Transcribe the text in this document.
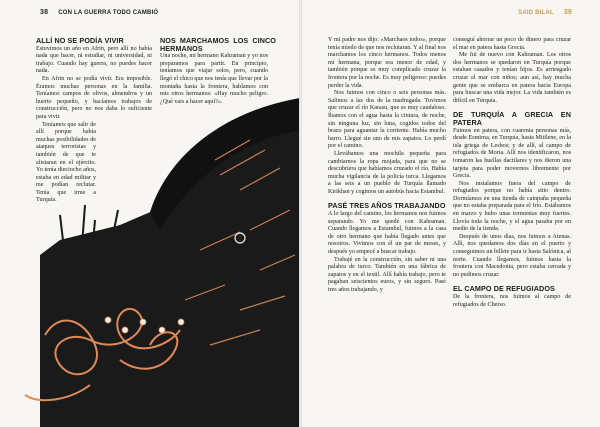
38 CON LA GUERRA TODO CAMBIÓ	SAID BILAL 39
ALLÍ NO SE PODÍA VIVIR

Estuvimos un año en Afrin, pero allí no había nada que hacer, ni estudiar, ni universidad, ni trabajo. Cuando hay guerra, no puedes hacer nada.

En Afrin no se podía vivir. Era imposible. Éramos muchas personas en la familia. Teníamos campos de olivos, almendros y un huerto pequeño, y hacíamos trabajos de construcción, pero no nos daba lo suficiente para vivir.

Teníamos que salir de allí porque había muchas posibilidades de ataques terroristas y también de que te alistaran en el ejército. Yo tenía dieciocho años, estaba en edad militar y me podían reclutar. Tenía que irme a Turquía.

NOS MARCHAMOS LOS CINCO HERMANOS

Una noche, mi hermano Kahraman y yo nos preparamos para partir. En principio, teníamos que viajar solos, pero, cuando llegó el chico que nos tenía que llevar por la montaña hasta la frontera, hablamos con mis otros hermanos: «Hay mucho peligro. ¿Qué vais a hacer aquí?».

Y mi padre nos dijo: «Marchaos todos», porque tenía miedo de que nos reclutaran. Y al final nos marchamos los cinco hermanos. Todos menos mi hermana, porque era menor de edad, y también porque es muy complicado cruzar la frontera por la noche. Es muy peligroso: puedes perder la vida.

Nos fuimos con cinco o seis personas más. Salimos a las dos de la madrugada. Tuvimos que cruzar el río Karasu, que es muy caudaloso. Íbamos con el agua hasta la cintura, de noche, sin ninguna luz, sin luna, cogidos todos del brazo para aguantar la corriente. Había mucho barro. Llegué sin uno de mis zapatos. Lo perdí por el camino.

Llevábamos una mochila pequeña para cambiarnos la ropa mojada, para que no se descubriera que habíamos cruzado el río. Había mucha vigilancia de la policía turca. Llegamos a las seis a un pueblo de Turquía llamado Kirikhan y cogimos un autobús hacia Estambul.

PASÉ TRES AÑOS TRABAJANDO

A lo largo del camino, los hermanos nos fuimos separando. Yo me quedé con Kahraman. Cuando llegamos a Estambul, fuimos a la casa de otro hermano que había llegado antes que nosotros. Vivimos con él un par de meses, y después yo empecé a buscar trabajo.

Trabajé en la construcción, sin saber ni una palabra de turco. También en una fábrica de zapatos y en el textil. Allí había trabajo, pero te pagaban seiscientos euros, y sin seguro. Pasé tres años trabajando, y

conseguí ahorrar un poco de dinero para cruzar el mar en patera hasta Grecia.

Me fui de nuevo con Kahraman. Los otros dos hermanos se quedaron en Turquía porque estaban casados y tenían hijos. Es arriesgado cruzar el mar con niños; aun así, hay mucha gente que se embarca en patera hacia Europa para buscar una vida mejor. La vida también es difícil en Turquía.

DE TURQUÍA A GRECIA EN PATERA

Fuimos en patera, con cuarenta personas más, desde Esmirna, en Turquía, hasta Mitilene, en la isla griega de Lesbos; y de allí, al campo de refugiados de Moria. Allí nos identificaron, nos tomaron las huellas dactilares y nos dieron una tarjeta para poder movernos libremente por Grecia.

Nos instalamos fuera del campo de refugiados porque no había sitio dentro. Dormíamos en una tienda de campaña pequeña que no estaba preparada para el frío. Estábamos en marzo y hubo unas tormentas muy fuertes. Llovía toda la noche, y el agua pasaba por en medio de la tienda.

Después de unos días, nos fuimos a Atenas. Allí, nos quedamos dos días en el puerto y conseguimos un billete para ir hasta Salónica, al norte. Cuando llegamos, fuimos hasta la frontera con Macedonia, pero estaba cerrada y no pudimos cruzar.

EL CAMPO DE REFUGIADOS

De la frontera, nos fuimos al campo de refugiados de Cherso.
